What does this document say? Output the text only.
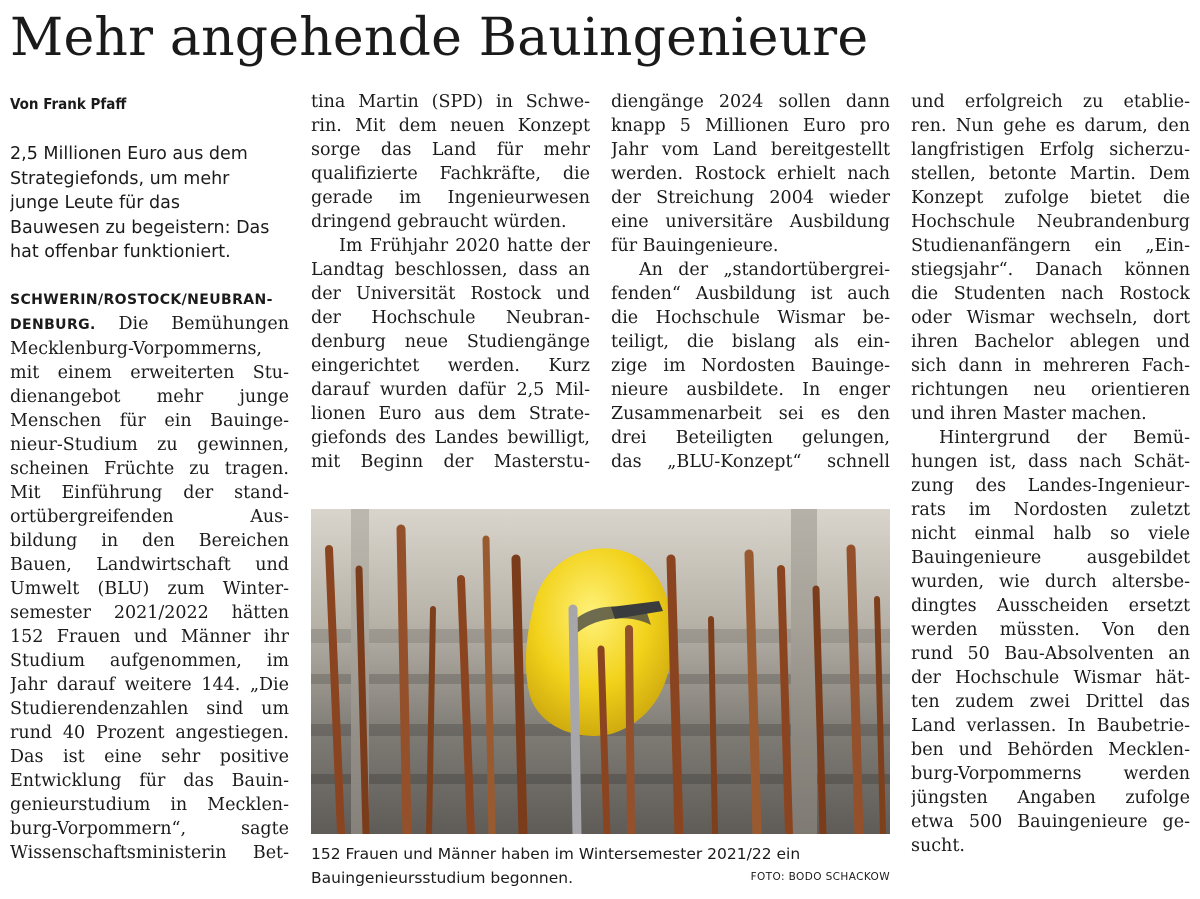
Mehr angehende Bauingenieure
Von Frank Pfaff
2,5 Millionen Euro aus dem
Strategiefonds, um mehr
junge Leute für das
Bauwesen zu begeistern: Das
hat offenbar funktioniert.
SCHWERIN/ROSTOCK/NEUBRAN-
DENBURG. Die Bemühungen
Mecklenburg-Vorpommerns,
mit einem erweiterten Stu-
dienangebot mehr junge
Menschen für ein Bauinge-
nieur-Studium zu gewinnen,
scheinen Früchte zu tragen.
Mit Einführung der stand-
ortübergreifenden Aus-
bildung in den Bereichen
Bauen, Landwirtschaft und
Umwelt (BLU) zum Winter-
semester 2021/2022 hätten
152 Frauen und Männer ihr
Studium aufgenommen, im
Jahr darauf weitere 144. „Die
Studierendenzahlen sind um
rund 40 Prozent angestiegen.
Das ist eine sehr positive
Entwicklung für das Bauin-
genieurstudium in Mecklen-
burg-Vorpommern“, sagte
Wissenschaftsministerin Bet-
tina Martin (SPD) in Schwe-
rin. Mit dem neuen Konzept
sorge das Land für mehr
qualifizierte Fachkräfte, die
gerade im Ingenieurwesen
dringend gebraucht würden.
Im Frühjahr 2020 hatte der
Landtag beschlossen, dass an
der Universität Rostock und
der Hochschule Neubran-
denburg neue Studiengänge
eingerichtet werden. Kurz
darauf wurden dafür 2,5 Mil-
lionen Euro aus dem Strate-
giefonds des Landes bewilligt,
mit Beginn der Masterstu-
diengänge 2024 sollen dann
knapp 5 Millionen Euro pro
Jahr vom Land bereitgestellt
werden. Rostock erhielt nach
der Streichung 2004 wieder
eine universitäre Ausbildung
für Bauingenieure.
An der „standortübergrei-
fenden“ Ausbildung ist auch
die Hochschule Wismar be-
teiligt, die bislang als ein-
zige im Nordosten Bauinge-
nieure ausbildete. In enger
Zusammenarbeit sei es den
drei Beteiligten gelungen,
das „BLU-Konzept“ schnell
und erfolgreich zu etablie-
ren. Nun gehe es darum, den
langfristigen Erfolg sicherzu-
stellen, betonte Martin. Dem
Konzept zufolge bietet die
Hochschule Neubrandenburg
Studienanfängern ein „Ein-
stiegsjahr“. Danach können
die Studenten nach Rostock
oder Wismar wechseln, dort
ihren Bachelor ablegen und
sich dann in mehreren Fach-
richtungen neu orientieren
und ihren Master machen.
Hintergrund der Bemü-
hungen ist, dass nach Schät-
zung des Landes-Ingenieur-
rats im Nordosten zuletzt
nicht einmal halb so viele
Bauingenieure ausgebildet
wurden, wie durch altersbe-
dingtes Ausscheiden ersetzt
werden müssten. Von den
rund 50 Bau-Absolventen an
der Hochschule Wismar hät-
ten zudem zwei Drittel das
Land verlassen. In Baubetrie-
ben und Behörden Mecklen-
burg-Vorpommerns werden
jüngsten Angaben zufolge
etwa 500 Bauingenieure ge-
sucht.
152 Frauen und Männer haben im Wintersemester 2021/22 ein
Bauingenieursstudium begonnen.	FOTO: BODO SCHACKOW
